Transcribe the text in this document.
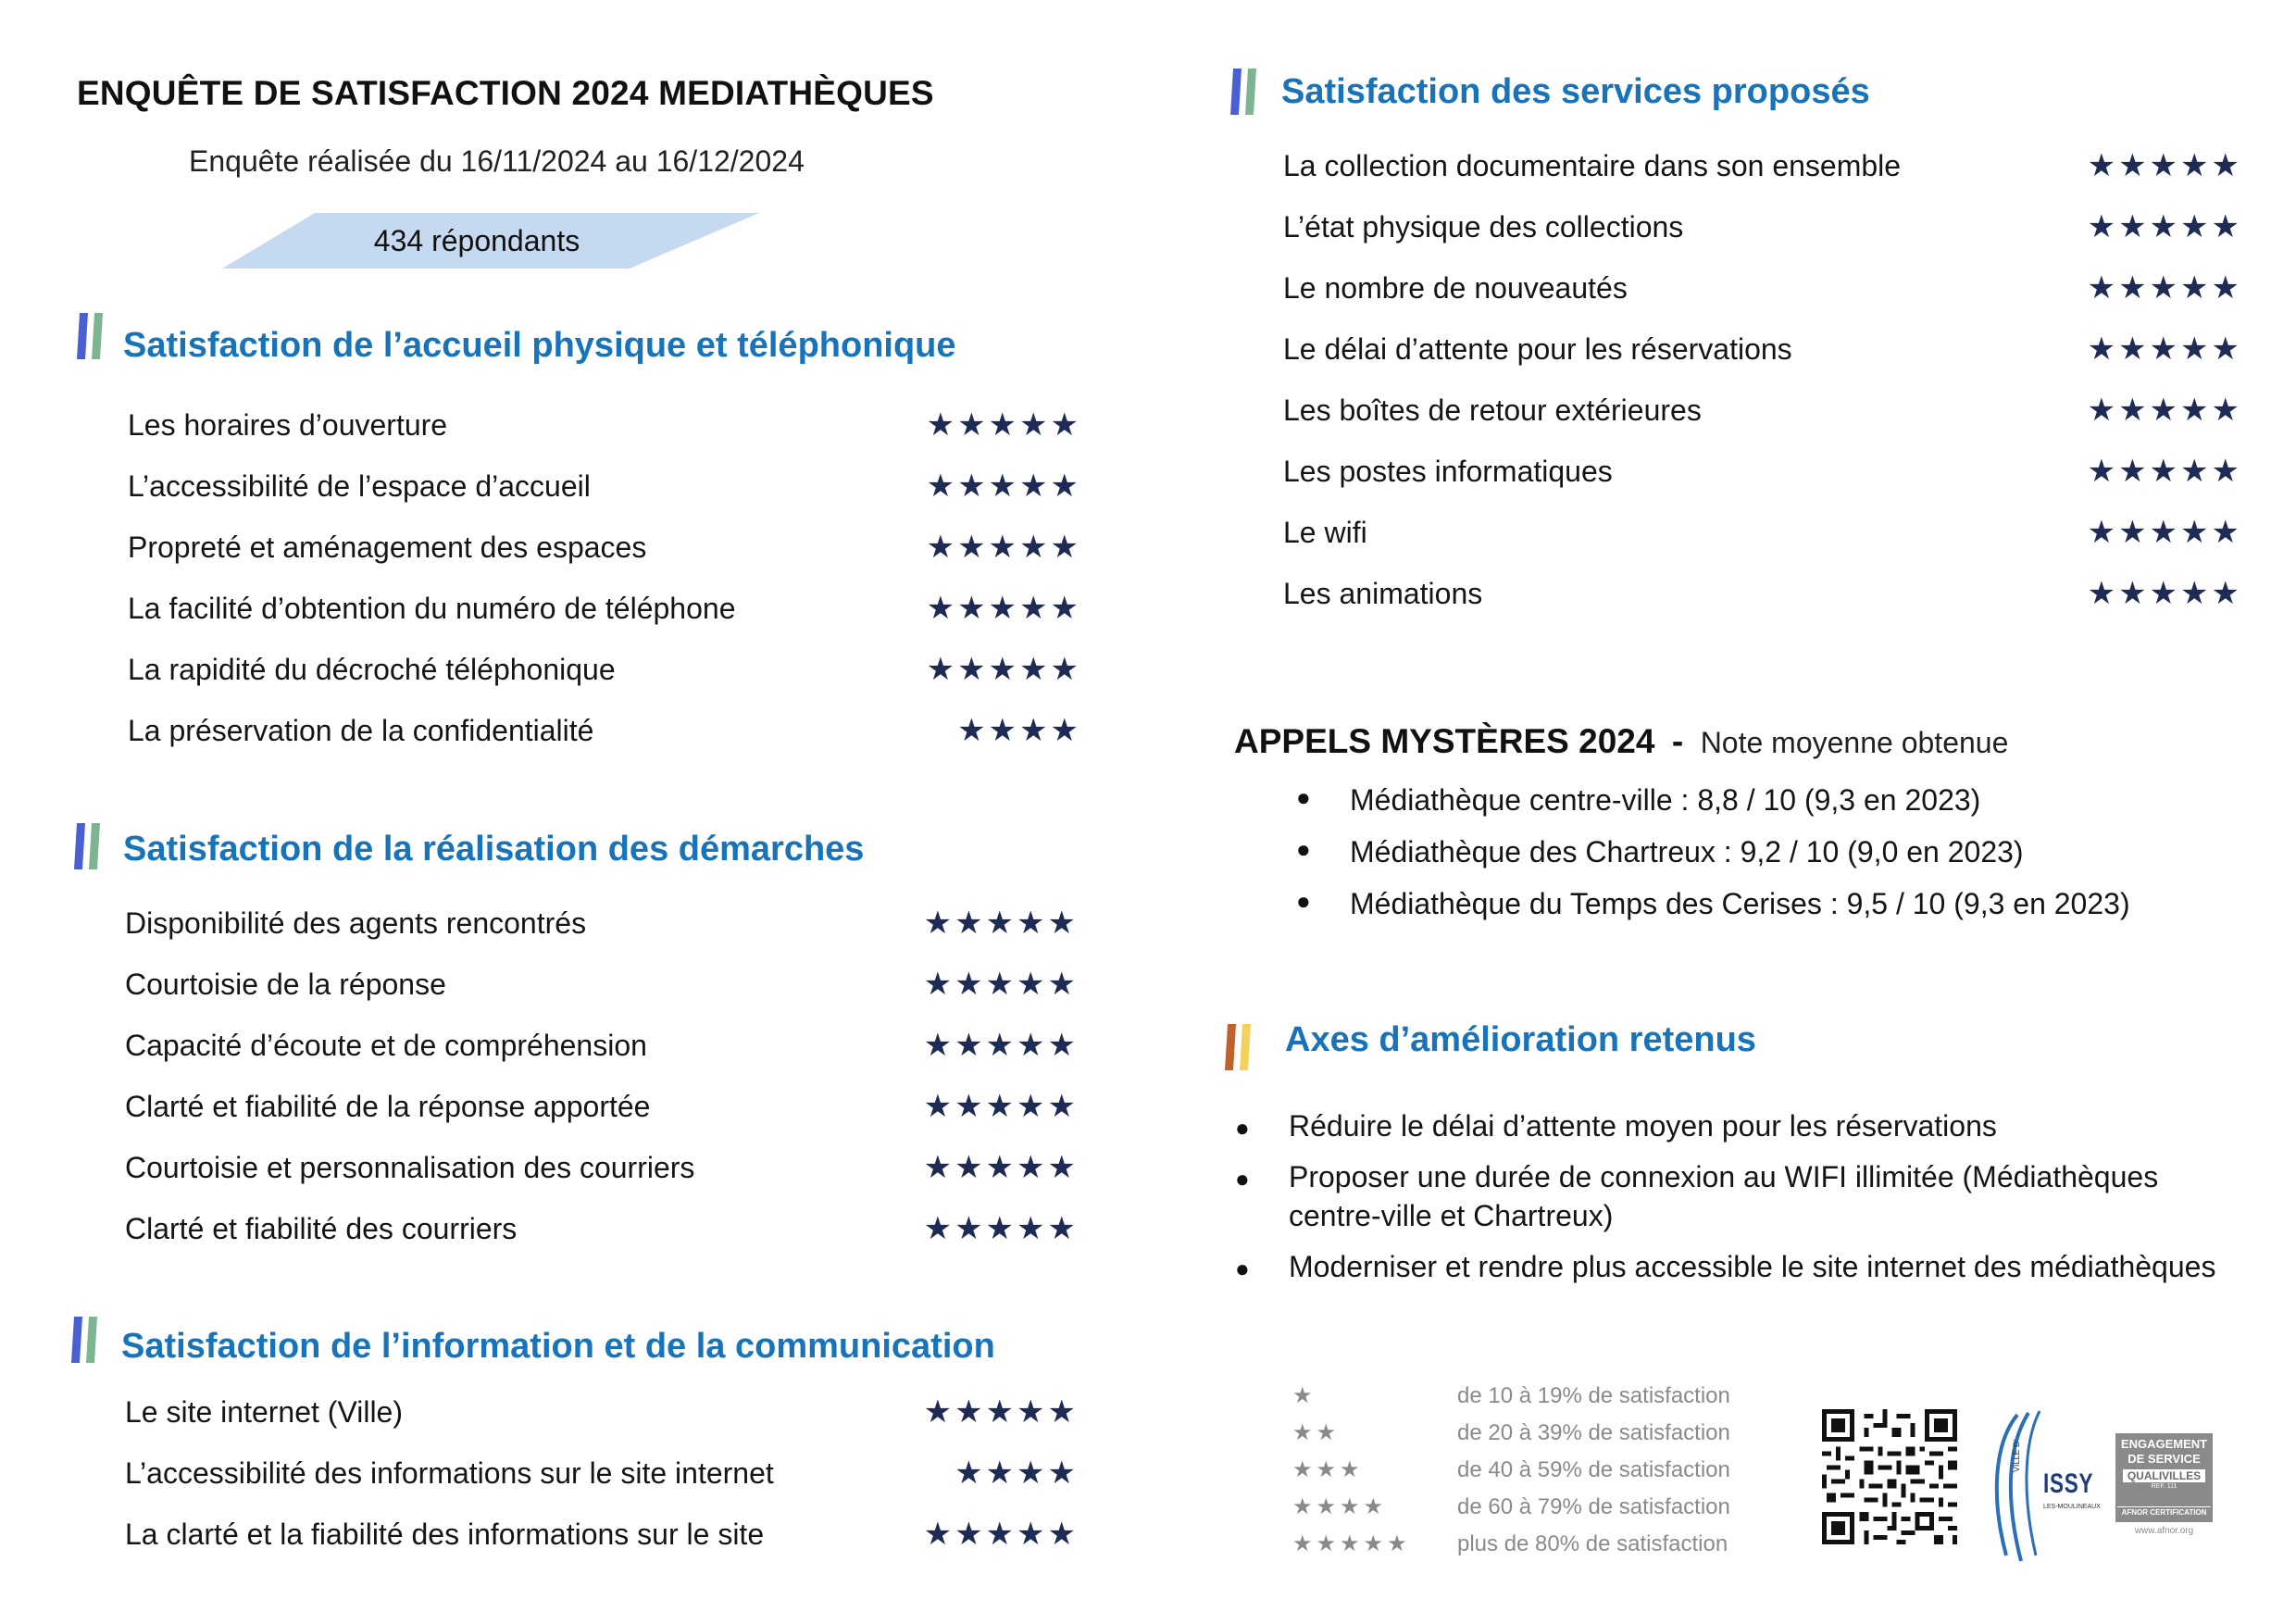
ENQUÊTE DE SATISFACTION 2024 MEDIATHÈQUES
Enquête réalisée du 16/11/2024 au 16/12/2024
434 répondants
Satisfaction de l’accueil physique et téléphonique
Les horaires d’ouverture	★★★★★
L’accessibilité de l’espace d’accueil	★★★★★
Propreté et aménagement des espaces	★★★★★
La facilité d’obtention du numéro de téléphone	★★★★★
La rapidité du décroché téléphonique	★★★★★
La préservation de la confidentialité	★★★★
Satisfaction de la réalisation des démarches
Disponibilité des agents rencontrés	★★★★★
Courtoisie de la réponse	★★★★★
Capacité d’écoute et de compréhension	★★★★★
Clarté et fiabilité de la réponse apportée	★★★★★
Courtoisie et personnalisation des courriers	★★★★★
Clarté et fiabilité des courriers	★★★★★
Satisfaction de l’information et de la communication
Le site internet (Ville)	★★★★★
L’accessibilité des informations sur le site internet	★★★★
La clarté et la fiabilité des informations sur le site	★★★★★
Satisfaction des services proposés
La collection documentaire dans son ensemble	★★★★★
L’état physique des collections	★★★★★
Le nombre de nouveautés	★★★★★
Le délai d’attente pour les réservations	★★★★★
Les boîtes de retour extérieures	★★★★★
Les postes informatiques	★★★★★
Le wifi	★★★★★
Les animations	★★★★★
APPELS MYSTÈRES 2024 - Note moyenne obtenue
● Médiathèque centre-ville : 8,8 / 10 (9,3 en 2023)
● Médiathèque des Chartreux : 9,2 / 10 (9,0 en 2023)
● Médiathèque du Temps des Cerises : 9,5 / 10 (9,3 en 2023)
Axes d’amélioration retenus
● Réduire le délai d’attente moyen pour les réservations
● Proposer une durée de connexion au WIFI illimitée (Médiathèques centre-ville et Chartreux)
● Moderniser et rendre plus accessible le site internet des médiathèques
★	de 10 à 19% de satisfaction
★★	de 20 à 39% de satisfaction
★★★	de 40 à 59% de satisfaction
★★★★	de 60 à 79% de satisfaction
★★★★★ plus de 80% de satisfaction
VILLE D'
ISSY
LES-MOULINEAUX
ENGAGEMENT
DE SERVICE
QUALIVILLES
REF. 111
AFNOR CERTIFICATION
www.afnor.org
